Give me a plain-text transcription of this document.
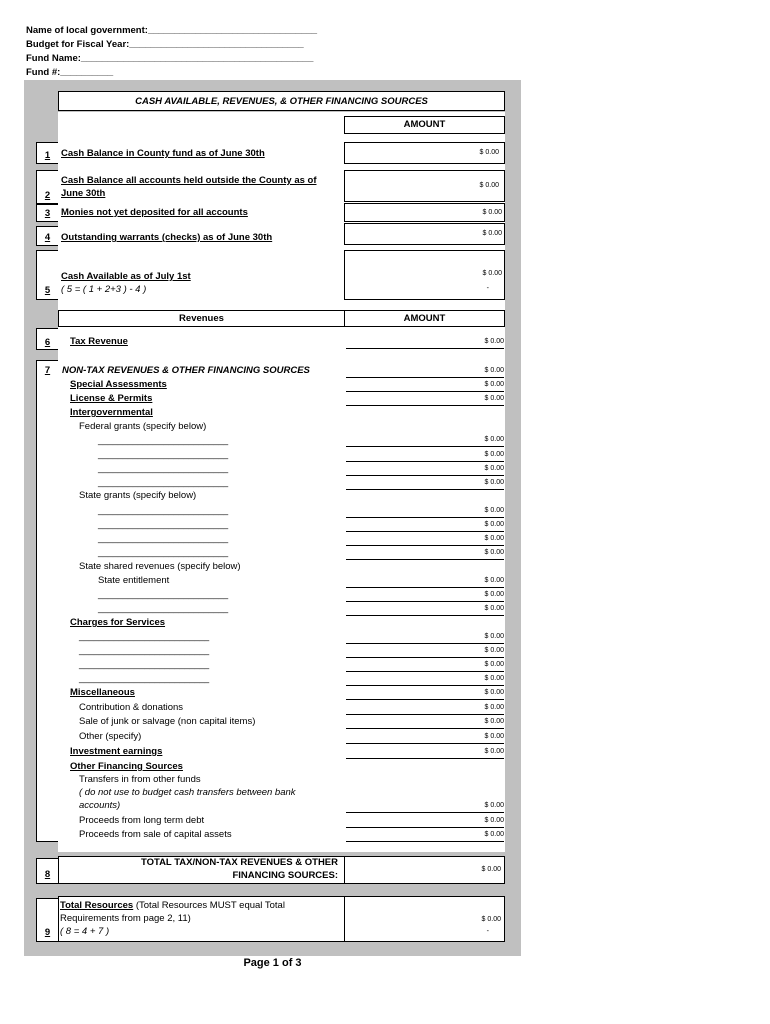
Name of local government:________________________________
Budget for Fiscal Year:_________________________________
Fund Name:____________________________________________
Fund #:__________
CASH AVAILABLE, REVENUES, & OTHER FINANCING SOURCES
AMOUNT
1	Cash Balance in County fund as of June 30th	$ 0.00
2
Cash Balance all accounts held outside the County as of
June 30th
$ 0.00
3	Monies not yet deposited for all accounts	$ 0.00
4	Outstanding warrants (checks) as of June 30th	$ 0.00
5
Cash Available as of July 1st
( 5 = ( 1 + 2+3 ) - 4 )
$ 0.00
-
Revenues	AMOUNT
6	Tax Revenue	$ 0.00
7	NON-TAX REVENUES & OTHER FINANCING SOURCES	$ 0.00
Special Assessments	$ 0.00
License & Permits	$ 0.00
Intergovernmental
Federal grants (specify below)
__________________________	$ 0.00
__________________________	$ 0.00
__________________________	$ 0.00
__________________________	$ 0.00
State grants (specify below)
__________________________	$ 0.00
__________________________	$ 0.00
__________________________	$ 0.00
__________________________	$ 0.00
State shared revenues (specify below)
State entitlement	$ 0.00
__________________________	$ 0.00
__________________________	$ 0.00
Charges for Services
__________________________	$ 0.00
__________________________	$ 0.00
__________________________	$ 0.00
__________________________	$ 0.00
Miscellaneous	$ 0.00
Contribution & donations	$ 0.00
Sale of junk or salvage (non capital items)	$ 0.00
Other (specify)	$ 0.00
Investment earnings	$ 0.00
Other Financing Sources
Transfers in from other funds
( do not use to budget cash transfers between bank
accounts)	$ 0.00
Proceeds from long term debt	$ 0.00
Proceeds from sale of capital assets	$ 0.00
8
TOTAL TAX/NON-TAX REVENUES & OTHER
FINANCING SOURCES:
$ 0.00
9
Total Resources (Total Resources MUST equal Total
Requirements from page 2, 11)
( 8 = 4 + 7 )
$ 0.00
-
Page 1 of 3
